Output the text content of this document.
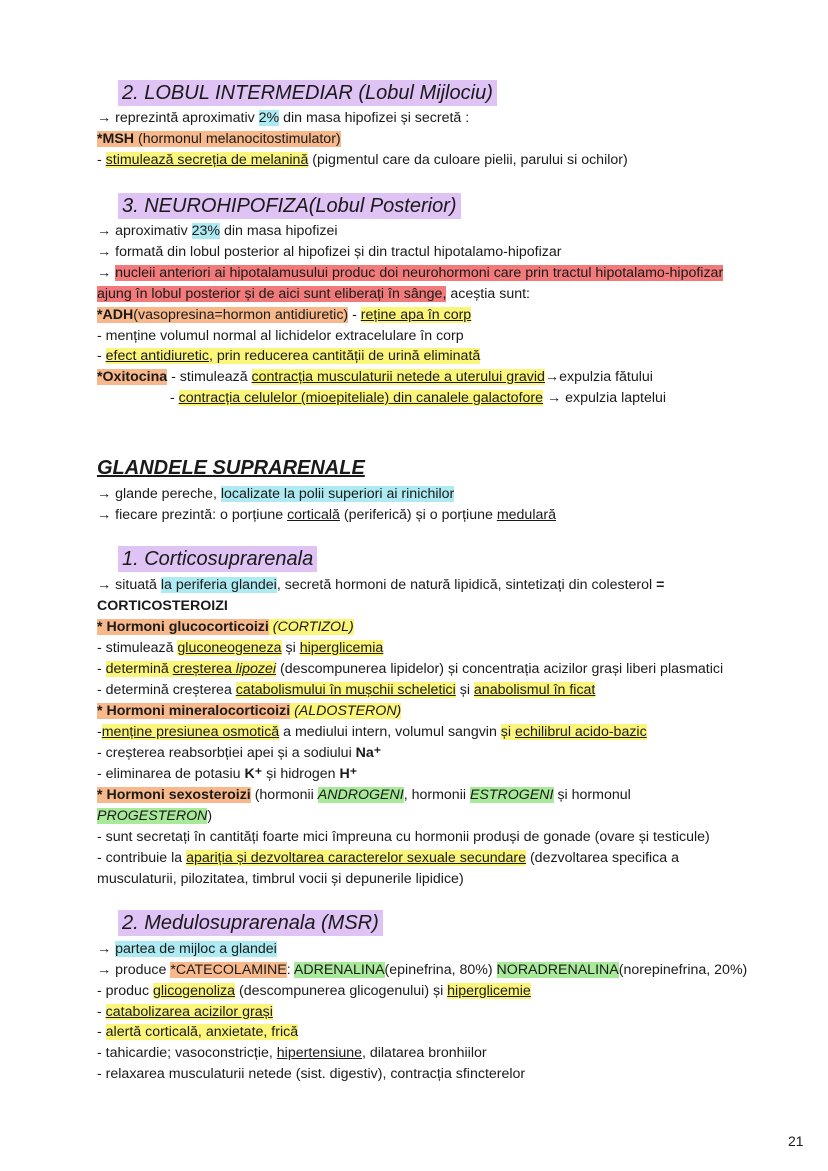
2. LOBUL INTERMEDIAR (Lobul Mijlociu)
→ reprezintă aproximativ 2% din masa hipofizei și secretă :
*MSH (hormonul melanocitostimulator)
- stimulează secreția de melanină (pigmentul care da culoare pielii, parului si ochilor)
3. NEUROHIPOFIZA(Lobul Posterior)
→ aproximativ 23% din masa hipofizei
→ formată din lobul posterior al hipofizei și din tractul hipotalamo-hipofizar
→ nucleii anteriori ai hipotalamusului produc doi neurohormoni care prin tractul hipotalamo-hipofizar
ajung în lobul posterior și de aici sunt eliberați în sânge, aceștia sunt:
*ADH(vasopresina=hormon antidiuretic) - reține apa în corp
- menține volumul normal al lichidelor extracelulare în corp
- efect antidiuretic, prin reducerea cantității de urină eliminată
*Oxitocina - stimulează contracția musculaturii netede a uterului gravid→expulzia fătului
- contracția celulelor (mioepiteliale) din canalele galactofore → expulzia laptelui
GLANDELE SUPRARENALE
→ glande pereche, localizate la polii superiori ai rinichilor
→ fiecare prezintă: o porțiune corticală (periferică) și o porțiune medulară
1. Corticosuprarenala
→ situată la periferia glandei, secretă hormoni de natură lipidică, sintetizați din colesterol =
CORTICOSTEROIZI
* Hormoni glucocorticoizi (CORTIZOL)
- stimulează gluconeogeneza și hiperglicemia
- determină creșterea lipozei (descompunerea lipidelor) și concentrația acizilor grași liberi plasmatici
- determină creșterea catabolismului în mușchii scheletici și anabolismul în ficat
* Hormoni mineralocorticoizi (ALDOSTERON)
-menține presiunea osmotică a mediului intern, volumul sangvin și echilibrul acido-bazic
- creșterea reabsorbției apei și a sodiului Na⁺
- eliminarea de potasiu K⁺ și hidrogen H⁺
* Hormoni sexosteroizi (hormonii ANDROGENI, hormonii ESTROGENI și hormonul
PROGESTERON)
- sunt secretați în cantități foarte mici împreuna cu hormonii produși de gonade (ovare și testicule)
- contribuie la apariția și dezvoltarea caracterelor sexuale secundare (dezvoltarea specifica a
musculaturii, pilozitatea, timbrul vocii și depunerile lipidice)
2. Medulosuprarenala (MSR)
→ partea de mijloc a glandei
→ produce *CATECOLAMINE: ADRENALINA(epinefrina, 80%) NORADRENALINA(norepinefrina, 20%)
- produc glicogenoliza (descompunerea glicogenului) și hiperglicemie
- catabolizarea acizilor grași
- alertă corticală, anxietate, frică
- tahicardie; vasoconstricție, hipertensiune, dilatarea bronhiilor
- relaxarea musculaturii netede (sist. digestiv), contracția sfincterelor
21
